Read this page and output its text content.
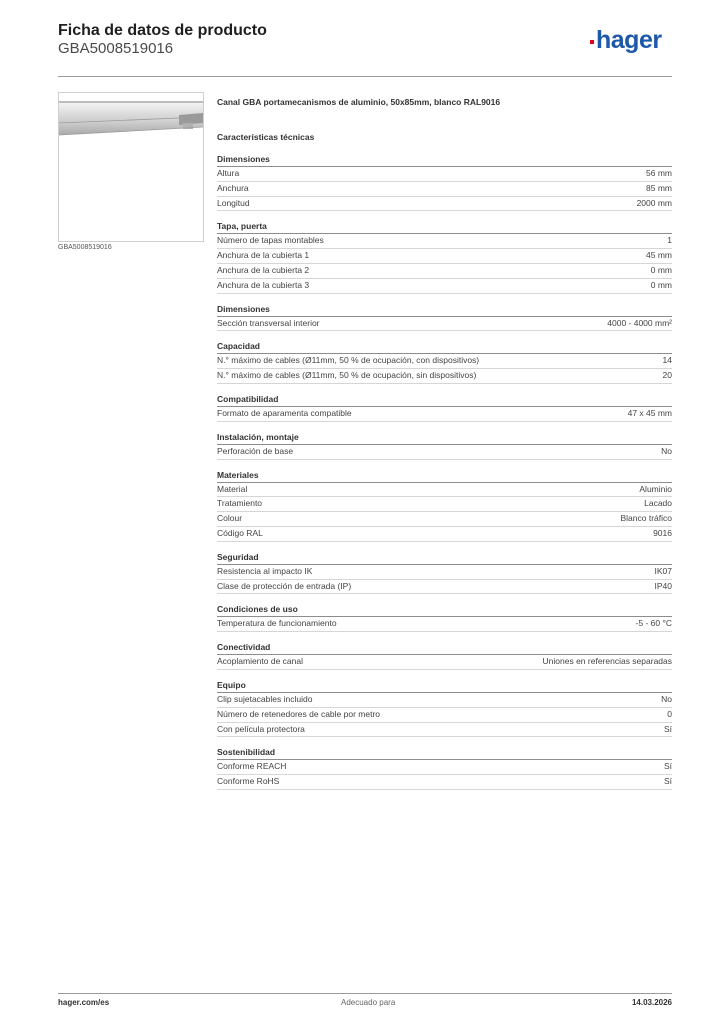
Ficha de datos de producto
GBA5008519016	hager
GBA5008519016
Canal GBA portamecanismos de aluminio, 50x85mm, blanco RAL9016
Características técnicas
Dimensiones
Altura	56 mm
Anchura	85 mm
Longitud	2000 mm
Tapa, puerta
Número de tapas montables	1
Anchura de la cubierta 1	45 mm
Anchura de la cubierta 2	0 mm
Anchura de la cubierta 3	0 mm
Dimensiones
Sección transversal interior	4000 - 4000 mm²
Capacidad
N.° máximo de cables (Ø11mm, 50 % de ocupación, con dispositivos)	14
N.° máximo de cables (Ø11mm, 50 % de ocupación, sin dispositivos)	20
Compatibilidad
Formato de aparamenta compatible	47 x 45 mm
Instalación, montaje
Perforación de base	No
Materiales
Material	Aluminio
Tratamiento	Lacado
Colour	Blanco tráfico
Código RAL	9016
Seguridad
Resistencia al impacto IK	IK07
Clase de protección de entrada (IP)	IP40
Condiciones de uso
Temperatura de funcionamiento	-5 - 60 °C
Conectividad
Acoplamiento de canal	Uniones en referencias separadas
Equipo
Clip sujetacables incluido	No
Número de retenedores de cable por metro	0
Con película protectora	Sí
Sostenibilidad
Conforme REACH	Sí
Conforme RoHS	Sí
hager.com/es	Adecuado para	14.03.2026
